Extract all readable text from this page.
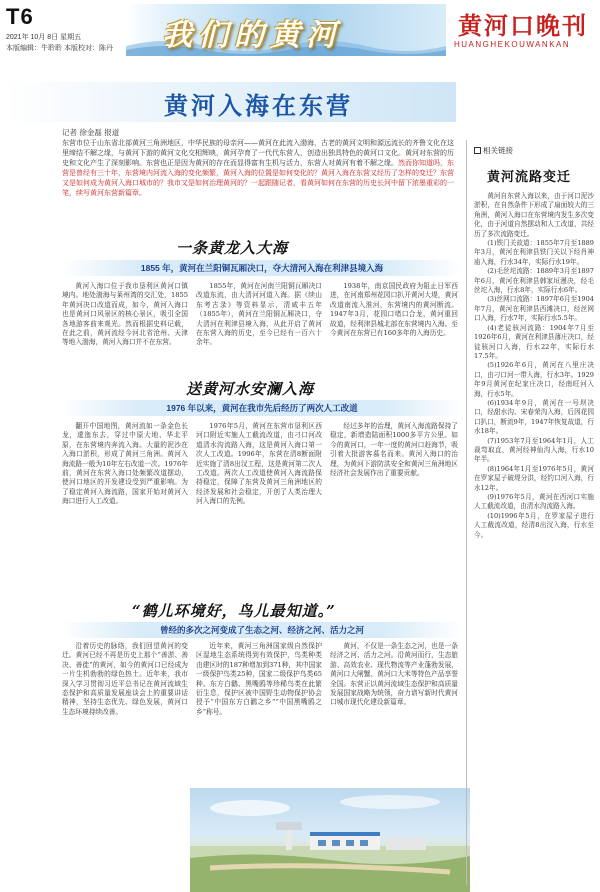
T6
2021年 10月 8日 星期五
本版编辑：牛聆聆 本版校对：陈丹 我们的黄河	黄河口晚刊
HUANGHEKOUWANKAN
黄河入海在东营
记者 徐金磊 报道
东营市位于山东省北部黄河三角洲地区，中华民族的母亲河——黄河在此流入渤海，古老的黄河文明和源远流长的齐鲁文化在这里缔结不解之缘，与黄河下游的黄河文化交相辉映，黄河孕育了一代代东营人，创造出独具特色的黄河口文化。黄河对东营的历史和文化产生了深刻影响。东营也正是因为黄河的存在而显得富有生机与活力，东营人对黄河有着不解之缘。然而你知道吗，东营是曾经有三十年，东营境内河流入海的变化频繁，黄河入海的位置是如何变化的？黄河入海在东营又经历了怎样的变迁？东营又是如何成为黄河入海口城市的？我市又是如何治理黄河的？一起跟随记者，看黄河如何在东营的历史长河中留下浓墨重彩的一笔，续写黄河东营新篇章。
一条黄龙入大海
1855 年，黄河在兰阳铜瓦厢决口，夺大清河入海在利津县境入海

黄河入海口位于我市垦利区黄河口镇境内。地处渤海与莱州湾的交汇处，1855年黄河决口改道而成，如今，黄河入海口也是黄河口风景区的核心景区，吸引全国各地游客前来观光。然而根据史料记载，在此之前，黄河流经今河北省沧州、天津等地入渤海，黄河入海口并不在东营。

1855年，黄河在河南兰阳铜瓦厢决口改道东流，由大清河河道入海。据《续山东考古录》等资料显示，清咸丰五年（1855年），黄河在兰阳铜瓦厢决口，夺大清河在利津县境入海，从此开启了黄河在东营入海的历史，至今已经有一百六十余年。

1938年，南京国民政府为阻止日军西进，在河南郑州花园口扒开黄河大堤，黄河改道南流入淮河，东营境内的黄河断流。1947年3月，花园口堵口合龙，黄河重回故道，经利津县城北部在东营境内入海。至今黄河在东营已有160多年的入海历史。

送黄河水安澜入海
1976 年以来，黄河在我市先后经历了两次人工改道

翻开中国地图，黄河流如一条金色长龙，逶迤东去，穿过中原大地、华北平原，在东营境内奔流入海。大量的泥沙在入海口淤积，形成了黄河三角洲。黄河入海流路一般为10年左右改道一次。1976年前，黄河在东营入海口处频繁改道摆动，使河口地区的开发建设受到严重影响。为了稳定黄河入海流路，国家开始对黄河入海口进行人工改道。

1976年5月，黄河在东营市垦利区西河口附近实施人工截流改道，由刁口河改道清水沟流路入海，这是黄河入海口第一次人工改道。1996年，东营在清8断面附近实施了清8出汊工程，这是黄河第二次人工改道。两次人工改道使黄河入海流路保持稳定，保障了东营及黄河三角洲地区的经济发展和社会稳定，开创了人类治理大河入海口的先例。

经过多年的治理，黄河入海流路保持了稳定，新增造陆面积1000多平方公里。如今的黄河口，一年一度的黄河口赶海节，吸引着大批游客慕名而来。黄河入海口的治理，为黄河下游防洪安全和黄河三角洲地区经济社会发展作出了重要贡献。

“鹤儿环境好，鸟儿最知道。”
曾经的多次之河变成了生态之河、经济之河、活力之河

沿着历史的脉络，我们回望黄河的变迁。黄河已经不再是历史上那个“善淤、善决、善徙”的黄河，如今的黄河口已经成为一片生机勃勃的绿色热土。近年来，我市深入学习贯彻习近平总书记在黄河流域生态保护和高质量发展座谈会上的重要讲话精神，坚持生态优先、绿色发展，黄河口生态环境持续改善。

近年来，黄河三角洲国家级自然保护区湿地生态系统得到有效保护，鸟类种类由建区时的187种增加到371种，其中国家一级保护鸟类25种，国家二级保护鸟类65种。东方白鹳、黑嘴鸥等珍稀鸟类在此繁衍生息，保护区被中国野生动物保护协会授予“中国东方白鹳之乡”“中国黑嘴鸥之乡”称号。

黄河，不仅是一条生态之河，也是一条经济之河、活力之河。沿黄河而行，生态旅游、高效农业、现代物流等产业蓬勃发展，黄河口大闸蟹、黄河口大米等特色产品享誉全国。东营正以黄河流域生态保护和高质量发展国家战略为统领，奋力谱写新时代黄河口城市现代化建设新篇章。

相关链接
黄河流路变迁

黄河自东营入海以来，由于河口泥沙淤积，在自然条件下形成了扇面较大的三角洲，黄河入海口在东营境内发生多次变化，由于河道自然摆动和人工改道，共经历了多次流路变迁。

(1)铁门关故道：1855年7月至1889年3月，黄河在利津县铁门关以下经肖神庙入海，行水34年，实际行水19年。

(2)毛丝坨流路：1889年3月至1897年6月，黄河在利津县韩家垣漫决，经毛丝坨入海，行水8年，实际行水6年。

(3)丝网口流路：1897年6月至1904年7月，黄河在利津县西滩决口，经丝网口入海，行水7年，实际行水5.5年。

(4)老徒骇河流路：1904年7月至1926年6月，黄河在利津县薄庄决口，经徒骇河口入海，行水22年，实际行水17.5年。

(5)1926年6月，黄河在八里庄决口，由刁口河一带入海，行水3年。1929年9月黄河在纪家庄决口，经南旺河入海，行水5年。

(6)1934年9月，黄河在一号坝决口，经甜水沟、宋春荣沟入海，后因花园口扒口，断流9年，1947年恢复故道，行水18年。

(7)1953年7月至1964年1月，人工裁弯取直，黄河经神仙沟入海，行水10年半。

(8)1964年1月至1976年5月，黄河在罗家屋子破堤分洪，经钓口河入海，行水12年。

(9)1976年5月，黄河在西河口实施人工截流改道，由清水沟流路入海。

(10)1996年5月，在罗家屋子进行人工截流改道，经清8出汊入海，行水至今。
